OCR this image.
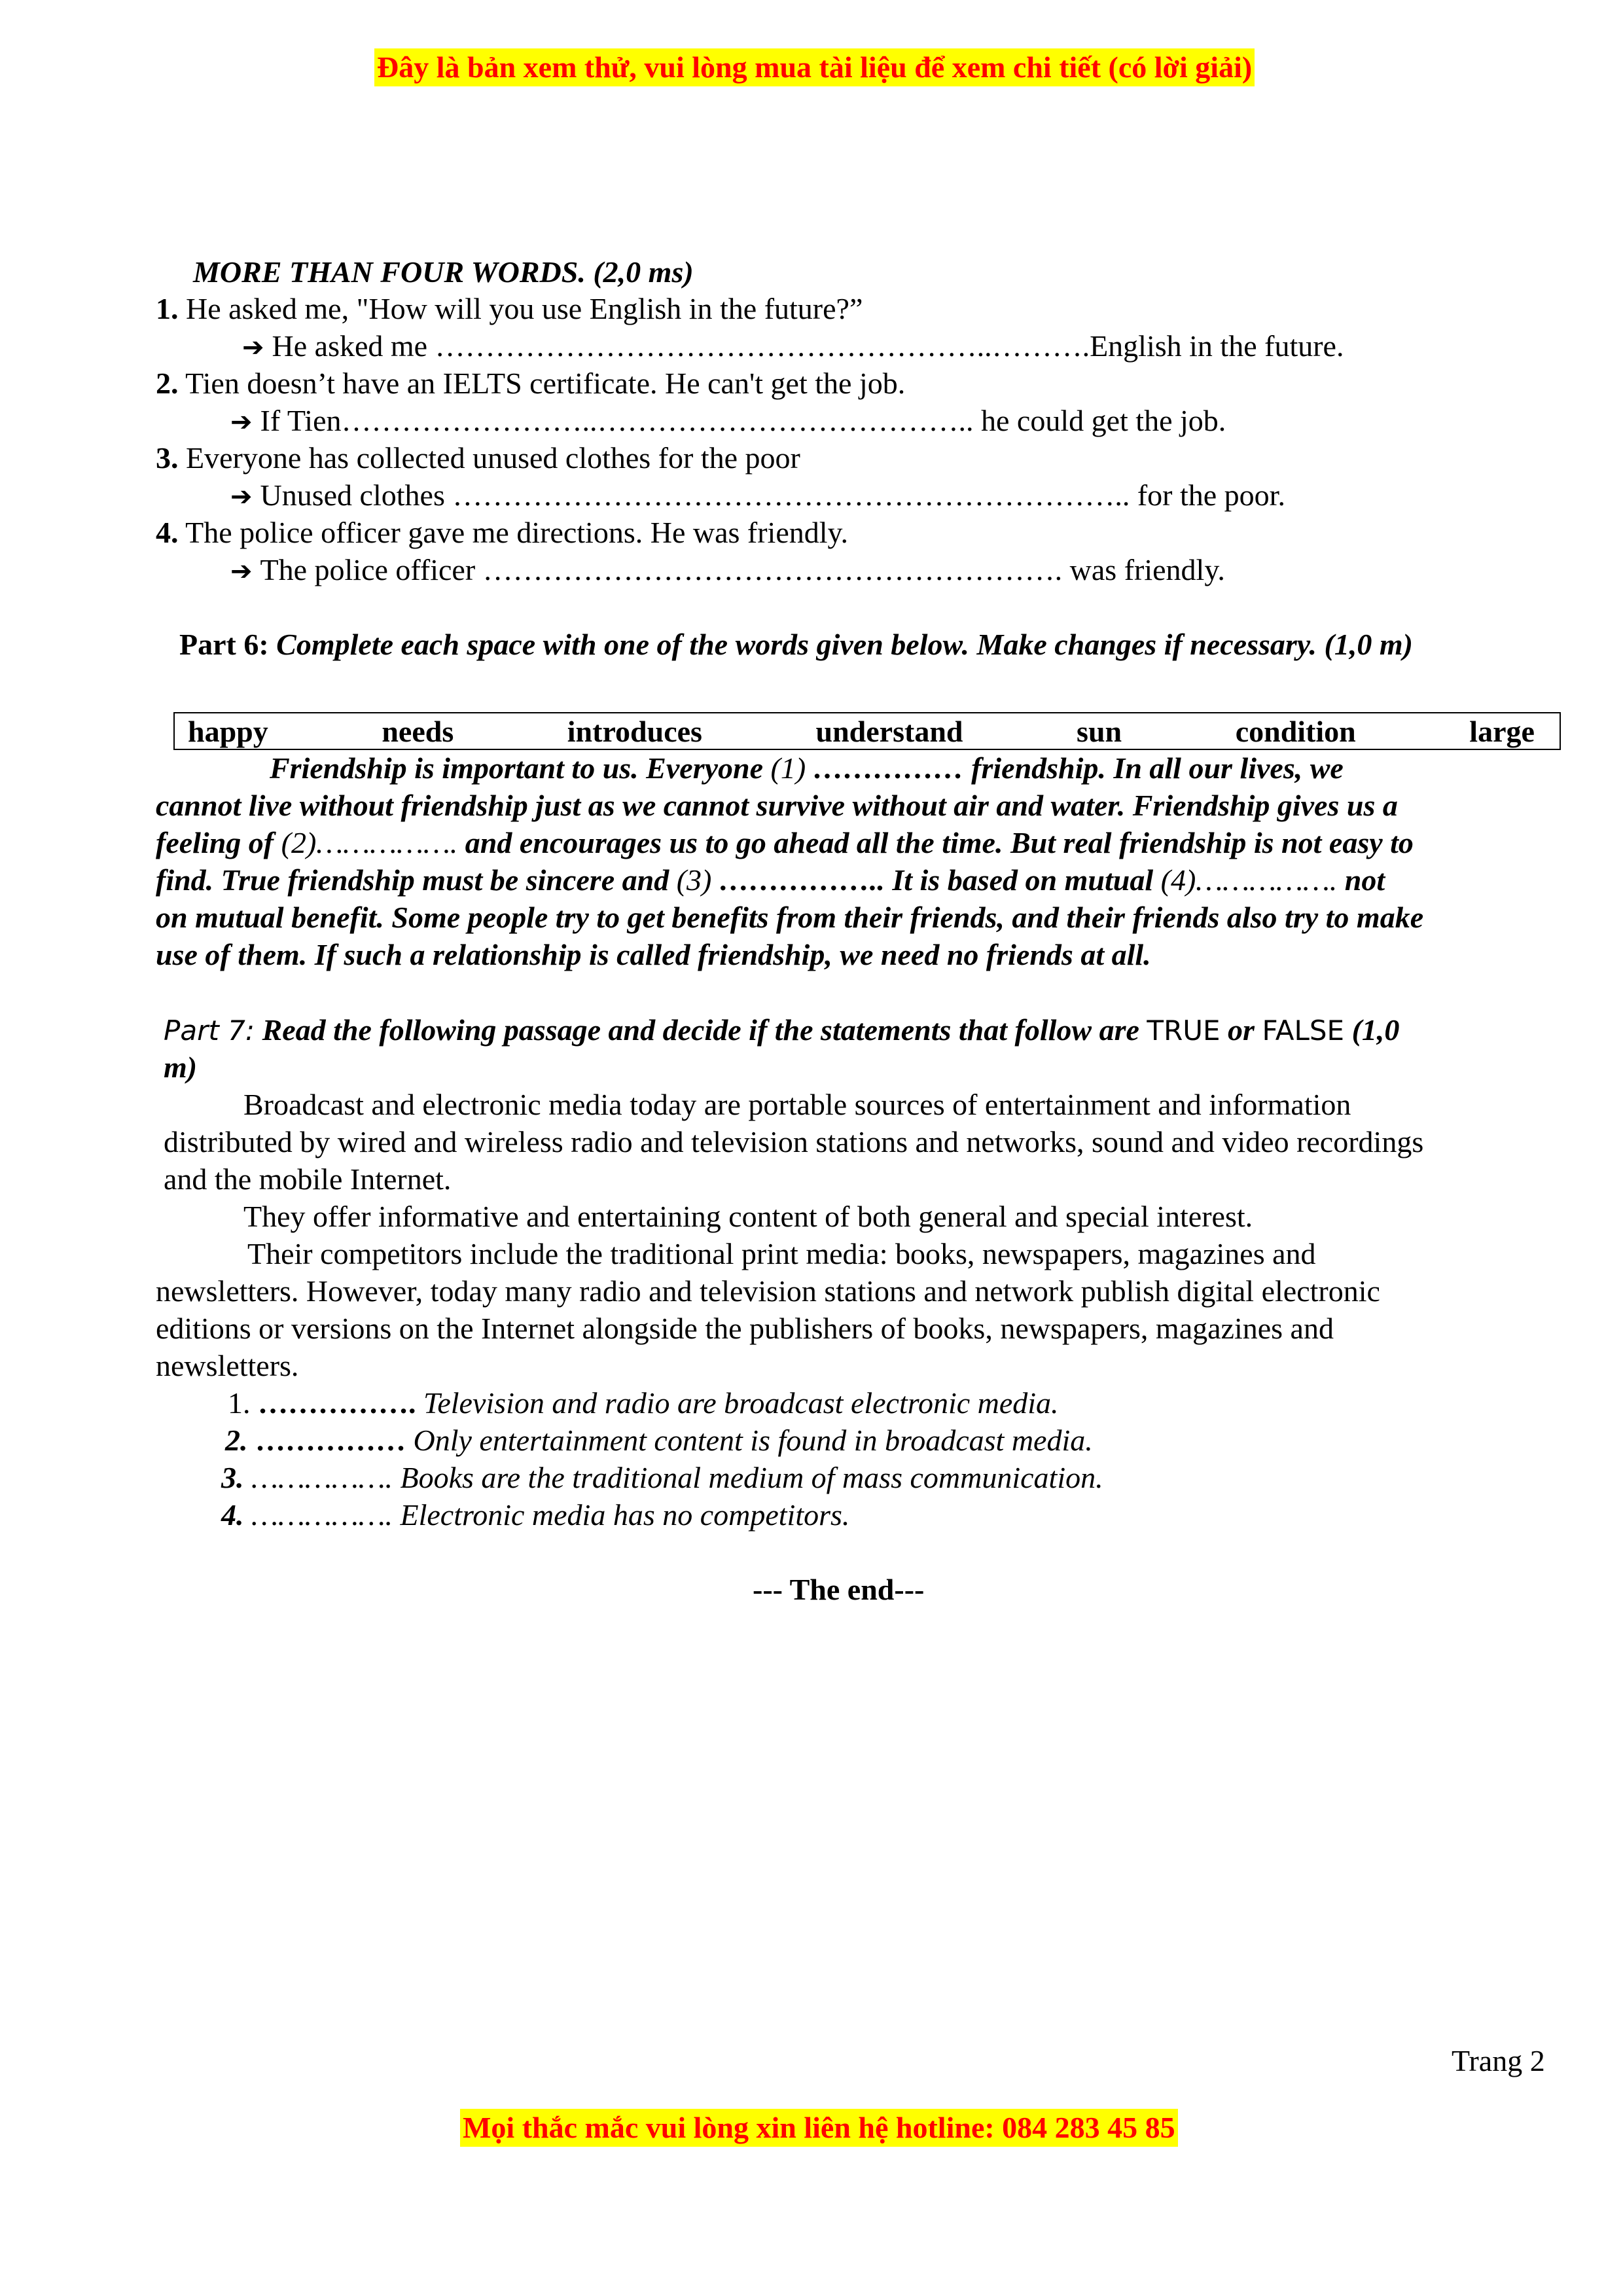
Đây là bản xem thử, vui lòng mua tài liệu để xem chi tiết (có lời giải)
MORE THAN FOUR WORDS. (2,0 ms)
1. He asked me, "How will you use English in the future?”
➔ He asked me ………………………………………………..……….English in the future.
2. Tien doesn’t have an IELTS certificate. He can't get the job.
➔ If Tien……………………..……………………………….. he could get the job.
3. Everyone has collected unused clothes for the poor
➔ Unused clothes ………………………………………………………….. for the poor.
4. The police officer gave me directions. He was friendly.
➔ The police officer …………………………………………………. was friendly.
Part 6: Complete each space with one of the words given below. Make changes if necessary. (1,0 m)
happy	needs	introduces	understand	sun	condition	large
Friendship is important to us. Everyone (1) …………… friendship. In all our lives, we
cannot live without friendship just as we cannot survive without air and water. Friendship gives us a
feeling of (2)……………. and encourages us to go ahead all the time. But real friendship is not easy to
find. True friendship must be sincere and (3) …………….. It is based on mutual (4)……………. not
on mutual benefit. Some people try to get benefits from their friends, and their friends also try to make
use of them. If such a relationship is called friendship, we need no friends at all.
Part 7: Read the following passage and decide if the statements that follow are TRUE or FALSE (1,0
m)
Broadcast and electronic media today are portable sources of entertainment and information
distributed by wired and wireless radio and television stations and networks, sound and video recordings
and the mobile Internet.
They offer informative and entertaining content of both general and special interest.
Their competitors include the traditional print media: books, newspapers, magazines and
newsletters. However, today many radio and television stations and network publish digital electronic
editions or versions on the Internet alongside the publishers of books, newspapers, magazines and
newsletters.
1. ……………. Television and radio are broadcast electronic media.
2. …………… Only entertainment content is found in broadcast media.
3. ……………. Books are the traditional medium of mass communication.
4. ……………. Electronic media has no competitors.
--- The end---
Trang 2
Mọi thắc mắc vui lòng xin liên hệ hotline: 084 283 45 85
